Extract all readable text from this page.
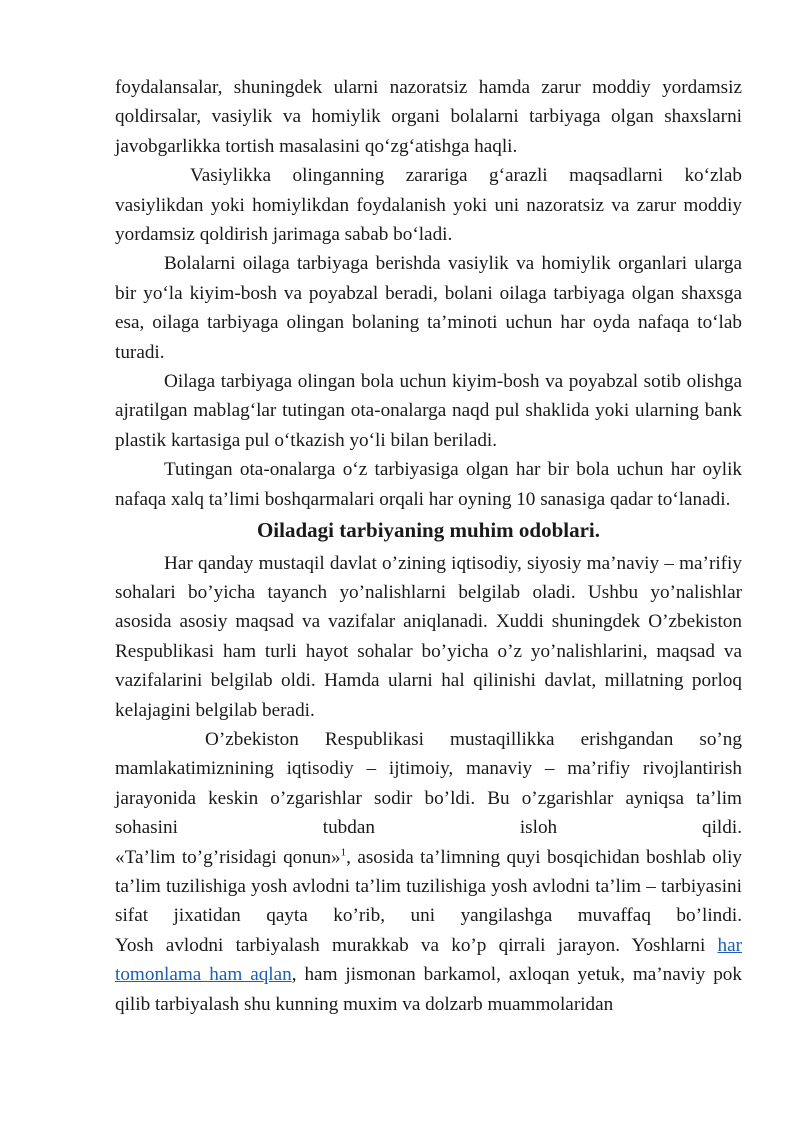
foydalansalar, shuningdek ularni nazoratsiz hamda zarur moddiy yordamsiz qoldirsalar, vasiylik va homiylik organi bolalarni tarbiyaga olgan shaxslarni javobgarlikka tortish masalasini qo‘zg‘atishga haqli.

Vasiylikka olinganning zarariga g‘arazli maqsadlarni ko‘zlab vasiylikdan yoki homiylikdan foydalanish yoki uni nazoratsiz va zarur moddiy yordamsiz qoldirish jarimaga sabab bo‘ladi.

Bolalarni oilaga tarbiyaga berishda vasiylik va homiylik organlari ularga bir yo‘la kiyim-bosh va poyabzal beradi, bolani oilaga tarbiyaga olgan shaxsga esa, oilaga tarbiyaga olingan bolaning ta’minoti uchun har oyda nafaqa to‘lab turadi.

Oilaga tarbiyaga olingan bola uchun kiyim-bosh va poyabzal sotib olishga ajratilgan mablag‘lar tutingan ota-onalarga naqd pul shaklida yoki ularning bank plastik kartasiga pul o‘tkazish yo‘li bilan beriladi.

Tutingan ota-onalarga o‘z tarbiyasiga olgan har bir bola uchun har oylik nafaqa xalq ta’limi boshqarmalari orqali har oyning 10 sanasiga qadar to‘lanadi.

Oiladagi tarbiyaning muhim odoblari.

Har qanday mustaqil davlat o’zining iqtisodiy, siyosiy ma’naviy – ma’rifiy sohalari bo’yicha tayanch yo’nalishlarni belgilab oladi. Ushbu yo’nalishlar asosida asosiy maqsad va vazifalar aniqlanadi. Xuddi shuningdek O’zbekiston Respublikasi ham turli hayot sohalar bo’yicha o’z yo’nalishlarini, maqsad va vazifalarini belgilab oldi. Hamda ularni hal qilinishi davlat, millatning porloq kelajagini belgilab beradi.

O’zbekiston Respublikasi mustaqillikka erishgandan so’ng mamlakatimiznining iqtisodiy – ijtimoiy, manaviy – ma’rifiy rivojlantirish jarayonida keskin o’zgarishlar sodir bo’ldi. Bu o’zgarishlar ayniqsa ta’lim sohasini tubdan isloh qildi.

«Ta’lim to’g’risidagi qonun»$^1$, asosida ta’limning quyi bosqichidan boshlab oliy ta’lim tuzilishiga yosh avlodni ta’lim tuzilishiga yosh avlodni ta’lim – tarbiyasini sifat jixatidan qayta ko’rib, uni yangilashga muvaffaq bo’lindi.

Yosh avlodni tarbiyalash murakkab va ko’p qirrali jarayon. Yoshlarni har tomonlama ham aqlan, ham jismonan barkamol, axloqan yetuk, ma’naviy pok qilib tarbiyalash shu kunning muxim va dolzarb muammolaridan
